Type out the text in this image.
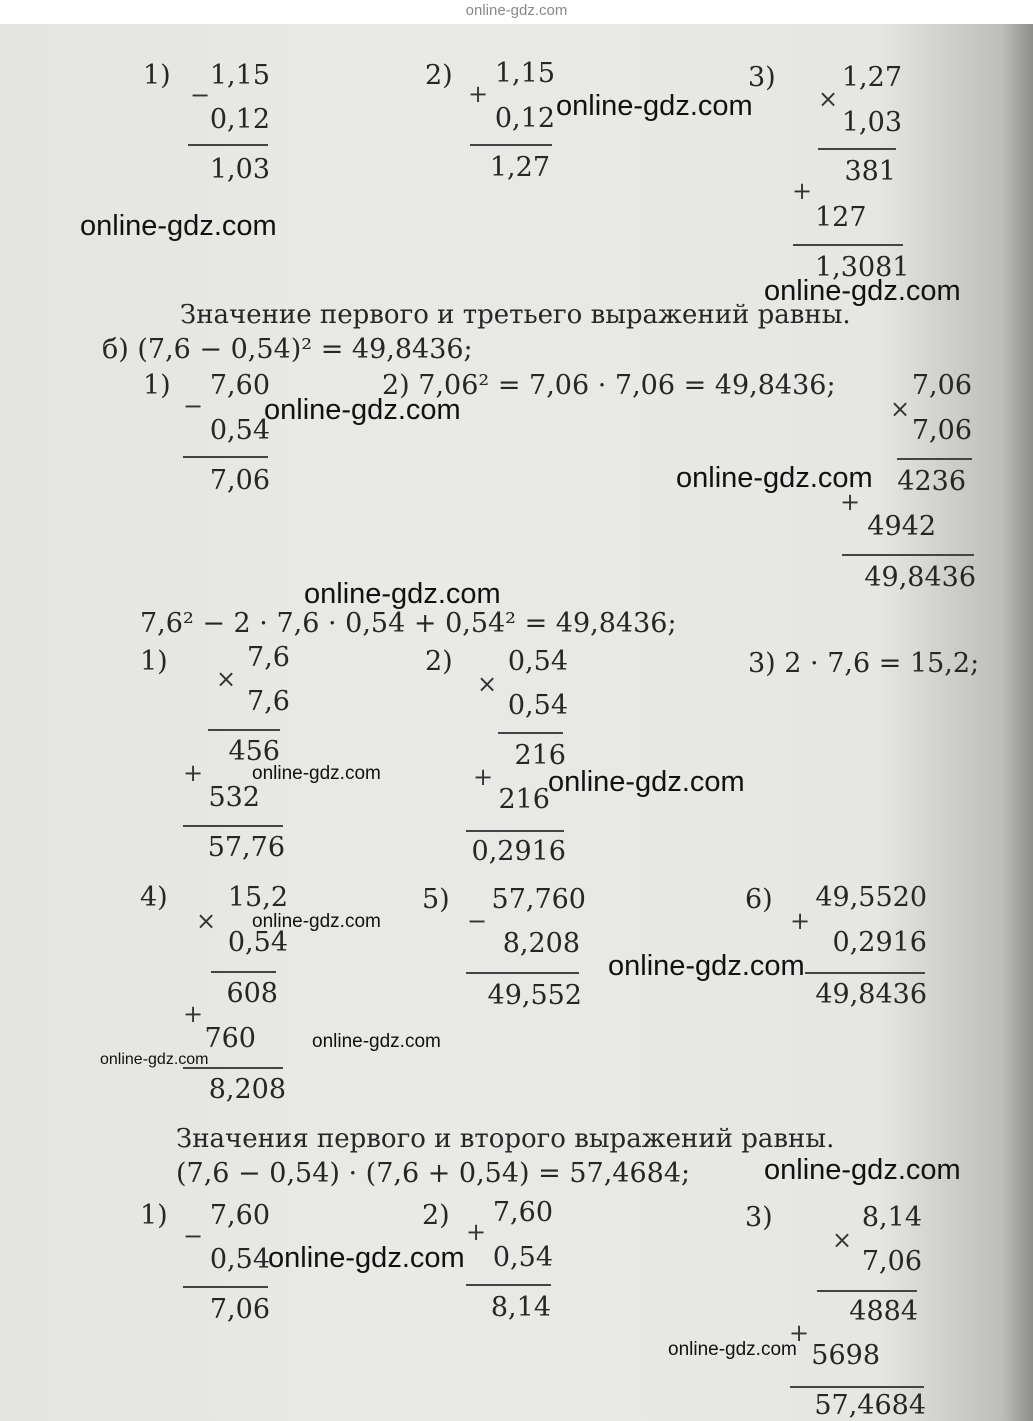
online-gdz.com
1)	1,15
−
0,12
1,03
2)	1,15
+
0,12
1,27
3)	1,27
×
1,03
381
+
127
1,3081
Значение первого и третьего выражений равны.
б) (7,6 − 0,54)² = 49,8436;
1)	7,60
−
0,54
7,06
2) 7,06² = 7,06 · 7,06 = 49,8436;	7,06
×
7,06
4236
+
4942
49,8436
7,6² − 2 · 7,6 · 0,54 + 0,54² = 49,8436;
1)	7,6
×
7,6
456
+
532
57,76
2)	0,54
×
0,54
216
+
216
0,2916
3) 2 · 7,6 = 15,2;
4)	15,2
×
0,54
608
+
760
8,208
5)	57,760
−
8,208
49,552
6)	49,5520
+
0,2916
49,8436
Значения первого и второго выражений равны.
(7,6 − 0,54) · (7,6 + 0,54) = 57,4684;
1)	7,60
−
0,54
7,06
2)	7,60
+
0,54
8,14
3)	8,14
×
7,06
4884
+
5698
57,4684
online-gdz.com
online-gdz.com
online-gdz.com
online-gdz.com
online-gdz.com
online-gdz.com
online-gdz.com	online-gdz.com
online-gdz.com
online-gdz.com
online-gdz.com
online-gdz.com
online-gdz.com
online-gdz.com
online-gdz.com
